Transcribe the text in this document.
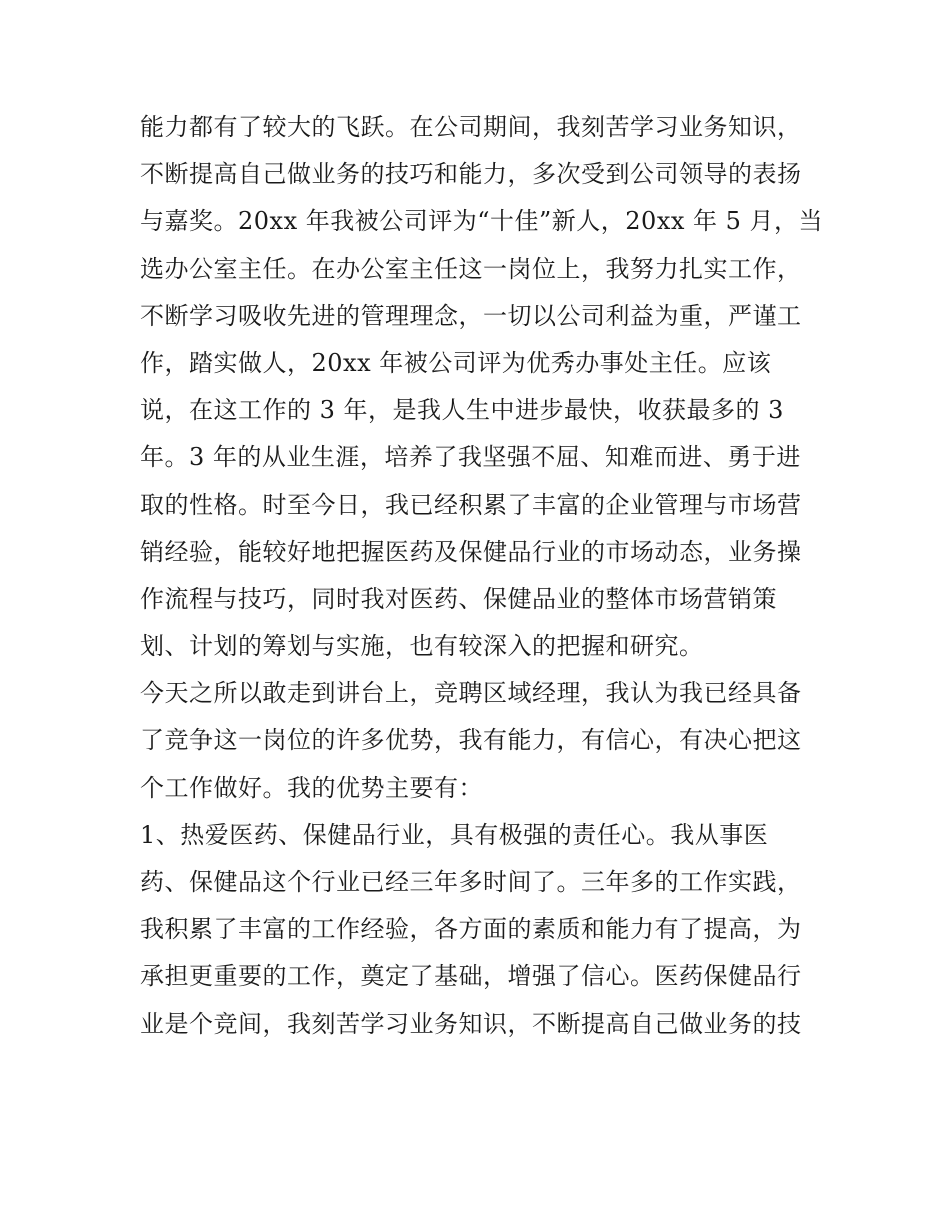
能力都有了较大的飞跃。在公司期间，我刻苦学习业务知识，
不断提高自己做业务的技巧和能力，多次受到公司领导的表扬
与嘉奖。20xx 年我被公司评为“十佳”新人，20xx 年 5 月，当
选办公室主任。在办公室主任这一岗位上，我努力扎实工作，
不断学习吸收先进的管理理念，一切以公司利益为重，严谨工
作，踏实做人，20xx 年被公司评为优秀办事处主任。应该
说，在这工作的 3 年，是我人生中进步最快，收获最多的 3
年。3 年的从业生涯，培养了我坚强不屈、知难而进、勇于进
取的性格。时至今日，我已经积累了丰富的企业管理与市场营
销经验，能较好地把握医药及保健品行业的市场动态，业务操
作流程与技巧，同时我对医药、保健品业的整体市场营销策
划、计划的筹划与实施，也有较深入的把握和研究。
今天之所以敢走到讲台上，竞聘区域经理，我认为我已经具备
了竞争这一岗位的许多优势，我有能力，有信心，有决心把这
个工作做好。我的优势主要有：
1、热爱医药、保健品行业，具有极强的责任心。我从事医
药、保健品这个行业已经三年多时间了。三年多的工作实践，
我积累了丰富的工作经验，各方面的素质和能力有了提高，为
承担更重要的工作，奠定了基础，增强了信心。医药保健品行
业是个竞间，我刻苦学习业务知识，不断提高自己做业务的技
